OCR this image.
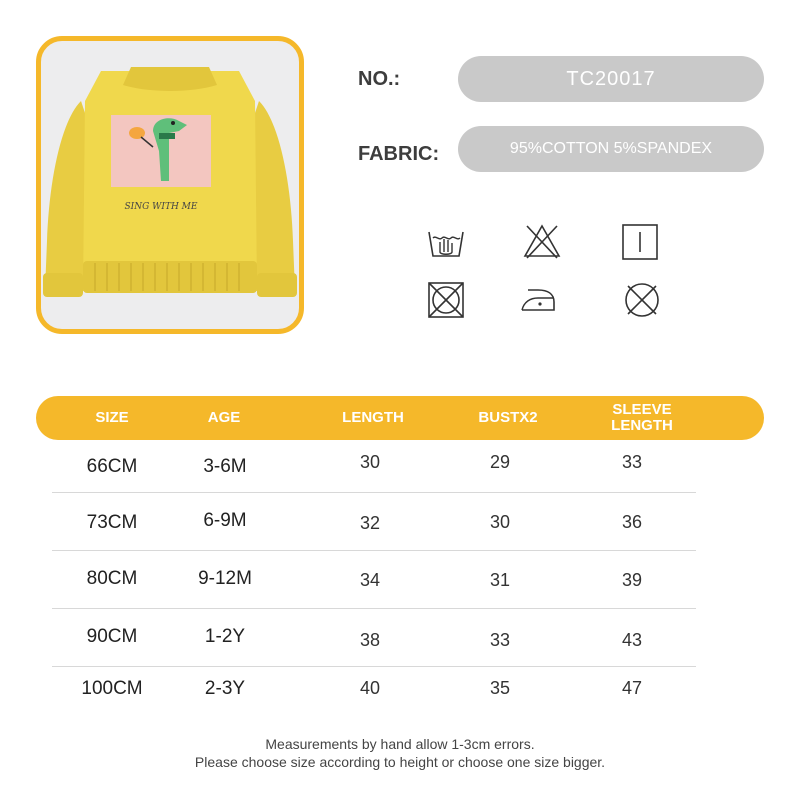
SING WITH ME
NO.:	TC20017
FABRIC:	95%COTTON 5%SPANDEX
SIZE	AGE	LENGTH	BUSTX2	SLEEVE
LENGTH
66CM	3-6M	30	29	33
73CM	6-9M	32	30	36
80CM	9-12M	34	31	39
90CM	1-2Y	38	33	43
100CM	2-3Y	40	35	47
Measurements by hand allow 1-3cm errors.
Please choose size according to height or choose one size bigger.
